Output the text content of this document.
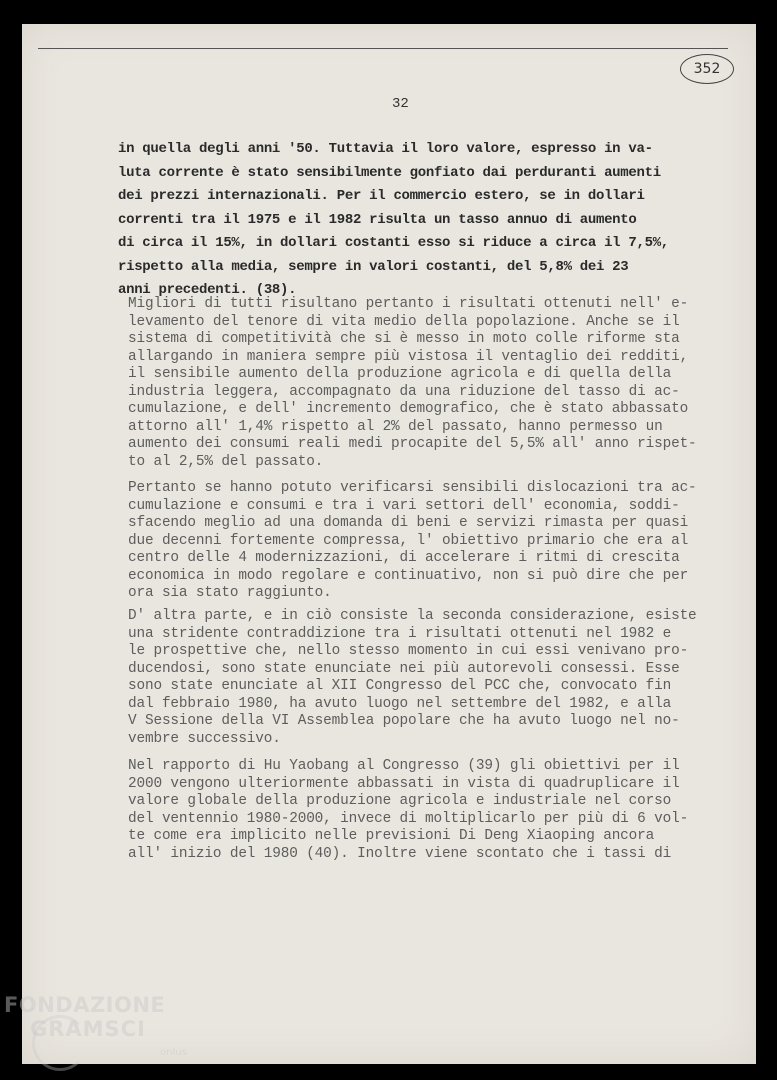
352
32

in quella degli anni '50. Tuttavia il loro valore, espresso in va-
luta corrente è stato sensibilmente gonfiato dai perduranti aumenti
dei prezzi internazionali. Per il commercio estero, se in dollari
correnti tra il 1975 e il 1982 risulta un tasso annuo di aumento
di circa il 15%, in dollari costanti esso si riduce a circa il 7,5%,
rispetto alla media, sempre in valori costanti, del 5,8% dei 23
anni precedenti. (38).

Migliori di tutti risultano pertanto i risultati ottenuti nell' e-
levamento del tenore di vita medio della popolazione. Anche se il
sistema di competitività che si è messo in moto colle riforme sta
allargando in maniera sempre più vistosa il ventaglio dei redditi,
il sensibile aumento della produzione agricola e di quella della
industria leggera, accompagnato da una riduzione del tasso di ac-
cumulazione, e dell' incremento demografico, che è stato abbassato
attorno all' 1,4% rispetto al 2% del passato, hanno permesso un
aumento dei consumi reali medi procapite del 5,5% all' anno rispet-
to al 2,5% del passato.

Pertanto se hanno potuto verificarsi sensibili dislocazioni tra ac-
cumulazione e consumi e tra i vari settori dell' economia, soddi-
sfacendo meglio ad una domanda di beni e servizi rimasta per quasi
due decenni fortemente compressa, l' obiettivo primario che era al
centro delle 4 modernizzazioni, di accelerare i ritmi di crescita
economica in modo regolare e continuativo, non si può dire che per
ora sia stato raggiunto.

D' altra parte, e in ciò consiste la seconda considerazione, esiste
una stridente contraddizione tra i risultati ottenuti nel 1982 e
le prospettive che, nello stesso momento in cui essi venivano pro-
ducendosi, sono state enunciate nei più autorevoli consessi. Esse
sono state enunciate al XII Congresso del PCC che, convocato fin
dal febbraio 1980, ha avuto luogo nel settembre del 1982, e alla
V Sessione della VI Assemblea popolare che ha avuto luogo nel no-
vembre successivo.

Nel rapporto di Hu Yaobang al Congresso (39) gli obiettivi per il
2000 vengono ulteriormente abbassati in vista di quadruplicare il
valore globale della produzione agricola e industriale nel corso
del ventennio 1980-2000, invece di moltiplicarlo per più di 6 vol-
te come era implicito nelle previsioni Di Deng Xiaoping ancora
all' inizio del 1980 (40). Inoltre viene scontato che i tassi di

FONDAZIONE
GRAMSCI
onlus
